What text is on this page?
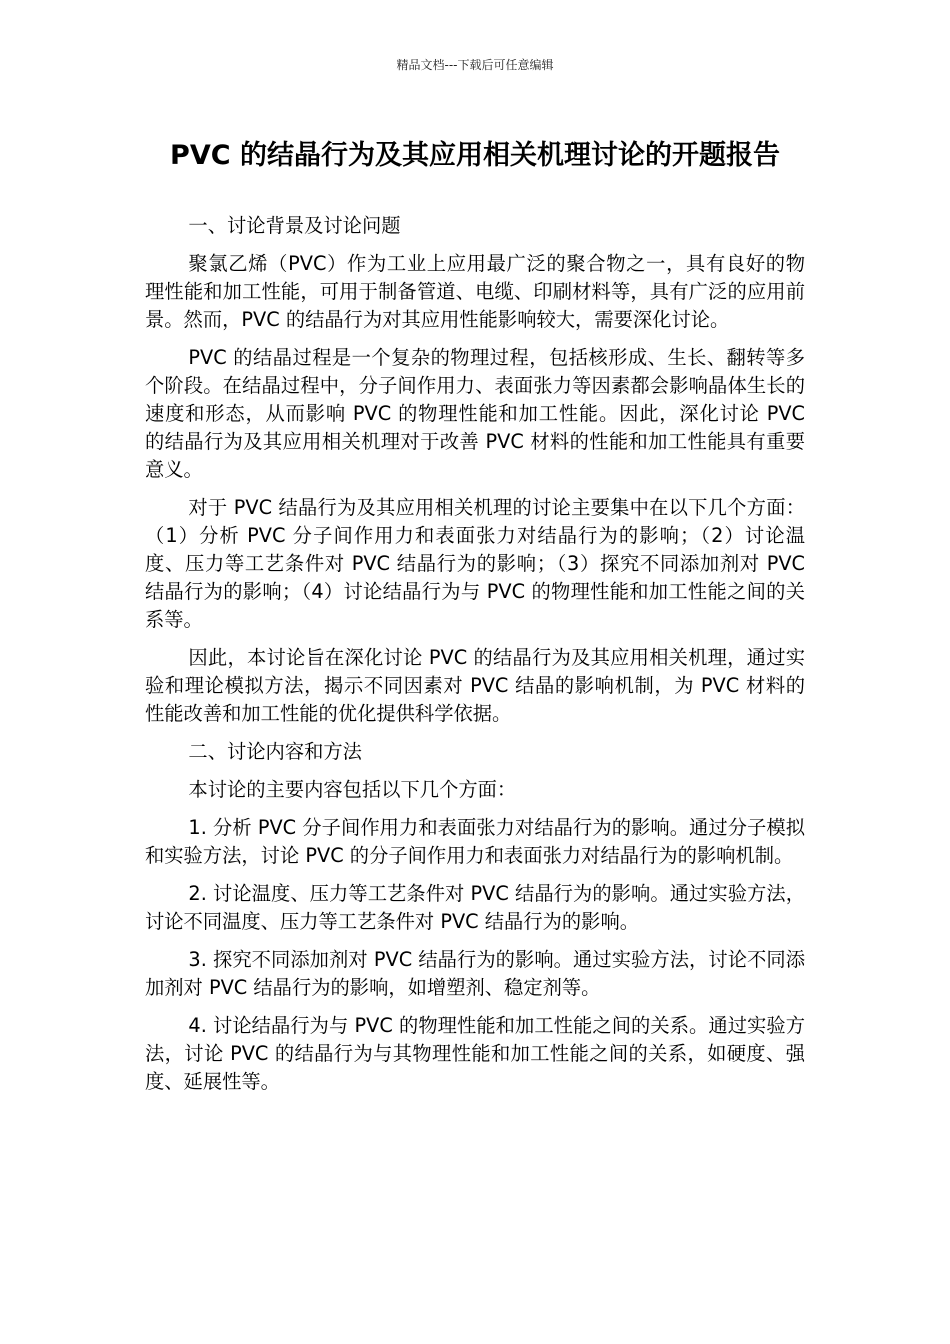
精品文档---下载后可任意编辑
PVC 的结晶行为及其应用相关机理讨论的开题报告

一、讨论背景及讨论问题

聚氯乙烯（PVC）作为工业上应用最广泛的聚合物之一，具有良好的物理性能和加工性能，可用于制备管道、电缆、印刷材料等，具有广泛的应用前景。然而，PVC 的结晶行为对其应用性能影响较大，需要深化讨论。

PVC 的结晶过程是一个复杂的物理过程，包括核形成、生长、翻转等多个阶段。在结晶过程中，分子间作用力、表面张力等因素都会影响晶体生长的速度和形态，从而影响 PVC 的物理性能和加工性能。因此，深化讨论 PVC 的结晶行为及其应用相关机理对于改善 PVC 材料的性能和加工性能具有重要意义。

对于 PVC 结晶行为及其应用相关机理的讨论主要集中在以下几个方面：（1）分析 PVC 分子间作用力和表面张力对结晶行为的影响；（2）讨论温度、压力等工艺条件对 PVC 结晶行为的影响；（3）探究不同添加剂对 PVC 结晶行为的影响；（4）讨论结晶行为与 PVC 的物理性能和加工性能之间的关系等。

因此，本讨论旨在深化讨论 PVC 的结晶行为及其应用相关机理，通过实验和理论模拟方法，揭示不同因素对 PVC 结晶的影响机制，为 PVC 材料的性能改善和加工性能的优化提供科学依据。

二、讨论内容和方法

本讨论的主要内容包括以下几个方面：

1. 分析 PVC 分子间作用力和表面张力对结晶行为的影响。通过分子模拟和实验方法，讨论 PVC 的分子间作用力和表面张力对结晶行为的影响机制。

2. 讨论温度、压力等工艺条件对 PVC 结晶行为的影响。通过实验方法，讨论不同温度、压力等工艺条件对 PVC 结晶行为的影响。

3. 探究不同添加剂对 PVC 结晶行为的影响。通过实验方法，讨论不同添加剂对 PVC 结晶行为的影响，如增塑剂、稳定剂等。

4. 讨论结晶行为与 PVC 的物理性能和加工性能之间的关系。通过实验方法，讨论 PVC 的结晶行为与其物理性能和加工性能之间的关系，如硬度、强度、延展性等。
